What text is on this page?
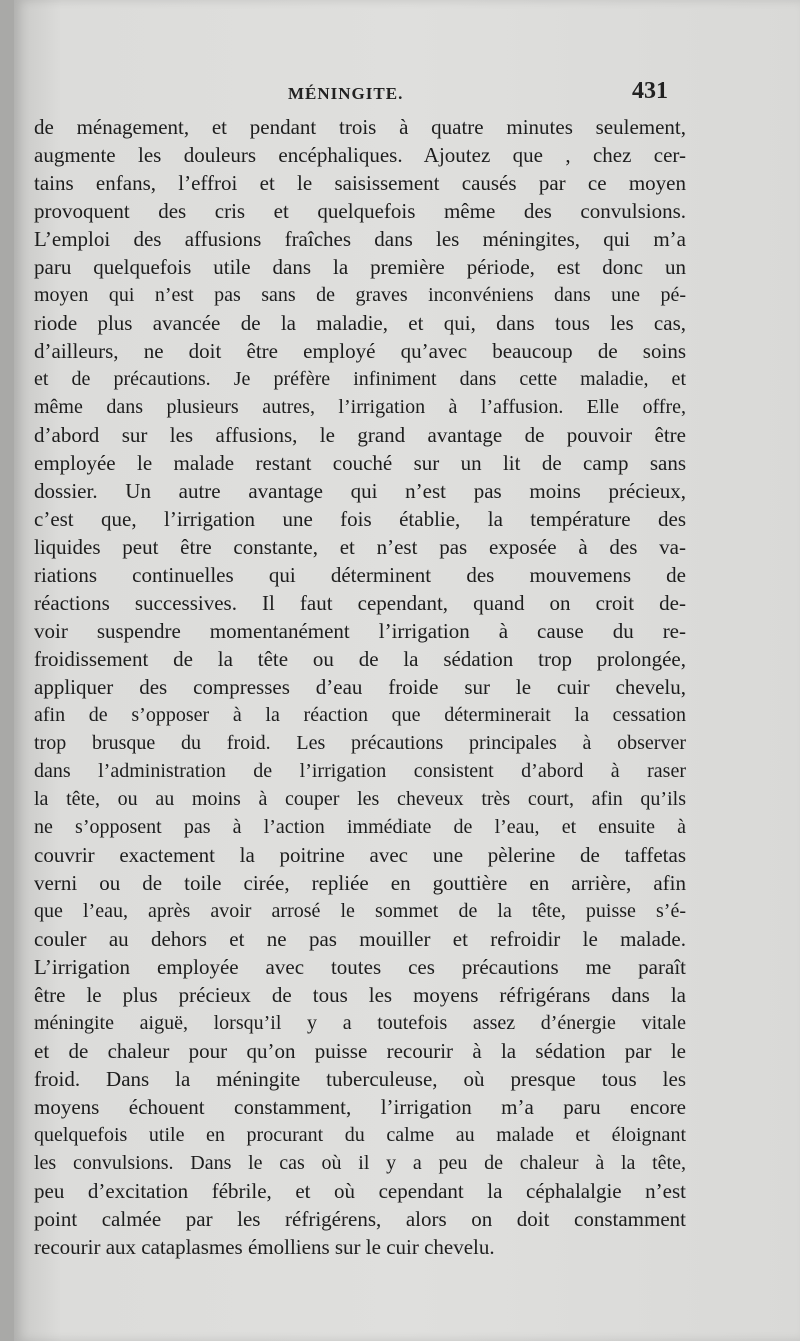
MÉNINGITE.	431
de ménagement, et pendant trois à quatre minutes seulement,
augmente les douleurs encéphaliques. Ajoutez que , chez cer-
tains enfans, l’effroi et le saisissement causés par ce moyen
provoquent des cris et quelquefois même des convulsions.
L’emploi des affusions fraîches dans les méningites, qui m’a
paru quelquefois utile dans la première période, est donc un
moyen qui n’est pas sans de graves inconvéniens dans une pé-
riode plus avancée de la maladie, et qui, dans tous les cas,
d’ailleurs, ne doit être employé qu’avec beaucoup de soins
et de précautions. Je préfère infiniment dans cette maladie, et
même dans plusieurs autres, l’irrigation à l’affusion. Elle offre,
d’abord sur les affusions, le grand avantage de pouvoir être
employée le malade restant couché sur un lit de camp sans
dossier. Un autre avantage qui n’est pas moins précieux,
c’est que, l’irrigation une fois établie, la température des
liquides peut être constante, et n’est pas exposée à des va-
riations continuelles qui déterminent des mouvemens de
réactions successives. Il faut cependant, quand on croit de-
voir suspendre momentanément l’irrigation à cause du re-
froidissement de la tête ou de la sédation trop prolongée,
appliquer des compresses d’eau froide sur le cuir chevelu,
afin de s’opposer à la réaction que déterminerait la cessation
trop brusque du froid. Les précautions principales à observer
dans l’administration de l’irrigation consistent d’abord à raser
la tête, ou au moins à couper les cheveux très court, afin qu’ils
ne s’opposent pas à l’action immédiate de l’eau, et ensuite à
couvrir exactement la poitrine avec une pèlerine de taffetas
verni ou de toile cirée, repliée en gouttière en arrière, afin
que l’eau, après avoir arrosé le sommet de la tête, puisse s’é-
couler au dehors et ne pas mouiller et refroidir le malade.
L’irrigation employée avec toutes ces précautions me paraît
être le plus précieux de tous les moyens réfrigérans dans la
méningite aiguë, lorsqu’il y a toutefois assez d’énergie vitale
et de chaleur pour qu’on puisse recourir à la sédation par le
froid. Dans la méningite tuberculeuse, où presque tous les
moyens échouent constamment, l’irrigation m’a paru encore
quelquefois utile en procurant du calme au malade et éloignant
les convulsions. Dans le cas où il y a peu de chaleur à la tête,
peu d’excitation fébrile, et où cependant la céphalalgie n’est
point calmée par les réfrigérens, alors on doit constamment
recourir aux cataplasmes émolliens sur le cuir chevelu.
